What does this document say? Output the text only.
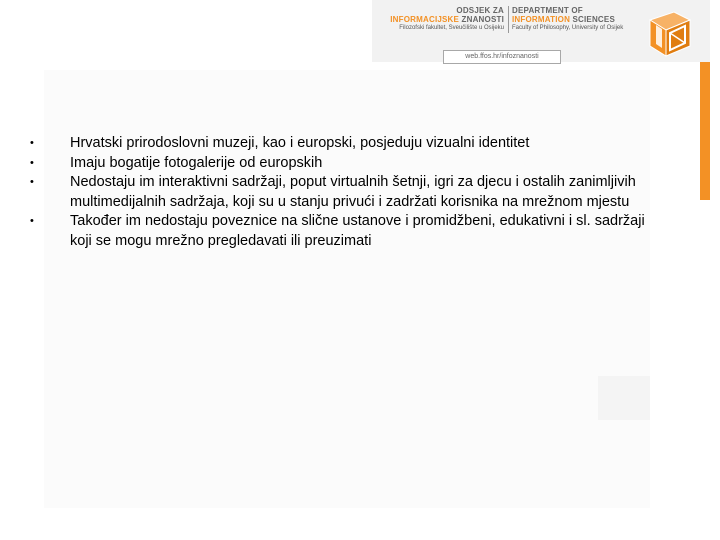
ODSJEK ZA
INFORMACIJSKE ZNANOSTI
Filozofski fakultet, Sveučilište u Osijeku
DEPARTMENT OF
INFORMATION SCIENCES
Faculty of Philosophy, University of Osijek
web.ffos.hr/infoznanosti
• Hrvatski prirodoslovni muzeji, kao i europski, posjeduju vizualni identitet
• Imaju bogatije fotogalerije od europskih
• Nedostaju im interaktivni sadržaji, poput virtualnih šetnji, igri za djecu i ostalih zanimljivih multimedijalnih sadržaja, koji su u stanju privući i zadržati korisnika na mrežnom mjestu
• Također im nedostaju poveznice na slične ustanove i promidžbeni, edukativni i sl. sadržaji koji se mogu mrežno pregledavati ili preuzimati
